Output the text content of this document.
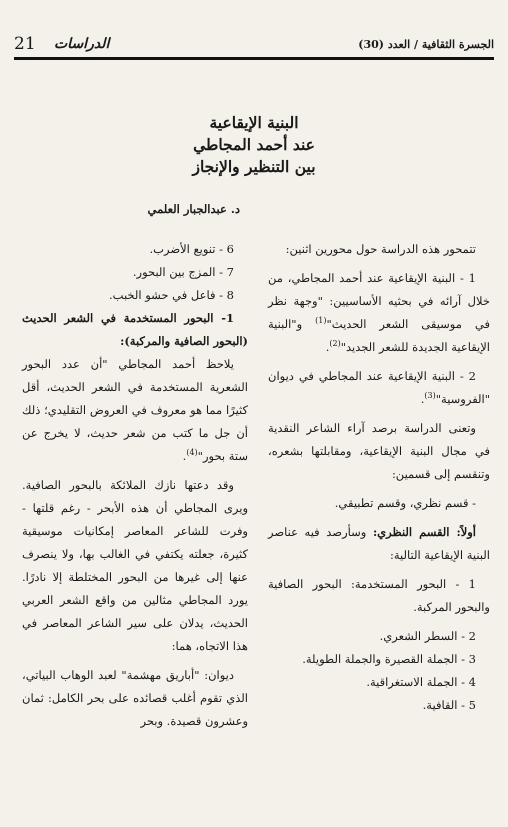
الجسرة الثقافية / العدد (30)
الدراسات
21
البنية الإيقاعية
عند أحمد المجاطي
بين التنظير والإنجاز
د. عبدالجبار العلمي

تتمحور هذه الدراسة حول محورين اثنين:

1 - البنية الإيقاعية عند أحمد المجاطي، من خلال آرائه في بحثيه الأساسيين: "وجهة نظر في موسيقى الشعر الحديث"$^{(1)}$ و"البنية الإيقاعية الجديدة للشعر الجديد"$^{(2)}$.

2 - البنية الإيقاعية عند المجاطي في ديوان "الفروسية"$^{(3)}$.

وتعنى الدراسة برصد آراء الشاعر النقدية في مجال البنية الإيقاعية، ومقابلتها بشعره، وتنقسم إلى قسمين:

- قسم نظري، وقسم تطبيقي.

أولاً: القسم النظري: وسأرصد فيه عناصر البنية الإيقاعية التالية:

1 - البحور المستخدمة: البحور الصافية والبحور المركبة.

2 - السطر الشعري.

3 - الجملة القصيرة والجملة الطويلة.

4 - الجملة الاستغراقية.

5 - القافية.

6 - تنويع الأضرب.

7 - المزج بين البحور.

8 - فاعل في حشو الخبب.

1- البحور المستخدمة في الشعر الحديث (البحور الصافية والمركبة):

يلاحظ أحمد المجاطي "أن عدد البحور الشعرية المستخدمة في الشعر الحديث، أقل كثيرًا مما هو معروف في العروض التقليدي؛ ذلك أن جل ما كتب من شعر حديث، لا يخرج عن ستة بحور"$^{(4)}$.

وقد دعتها نازك الملائكة بالبحور الصافية. ويرى المجاطي أن هذه الأبحر - رغم قلتها - وفرت للشاعر المعاصر إمكانيات موسيقية كثيرة، جعلته يكتفي في الغالب بها، ولا ينصرف عنها إلى غيرها من البحور المختلطة إلا نادرًا. يورد المجاطي مثالين من واقع الشعر العربي الحديث، يدلان على سير الشاعر المعاصر في هذا الاتجاه، هما:

ديوان: "أباريق مهشمة" لعبد الوهاب البياتي، الذي تقوم أغلب قصائده على بحر الكامل: ثمان وعشرون قصيدة. وبحر
